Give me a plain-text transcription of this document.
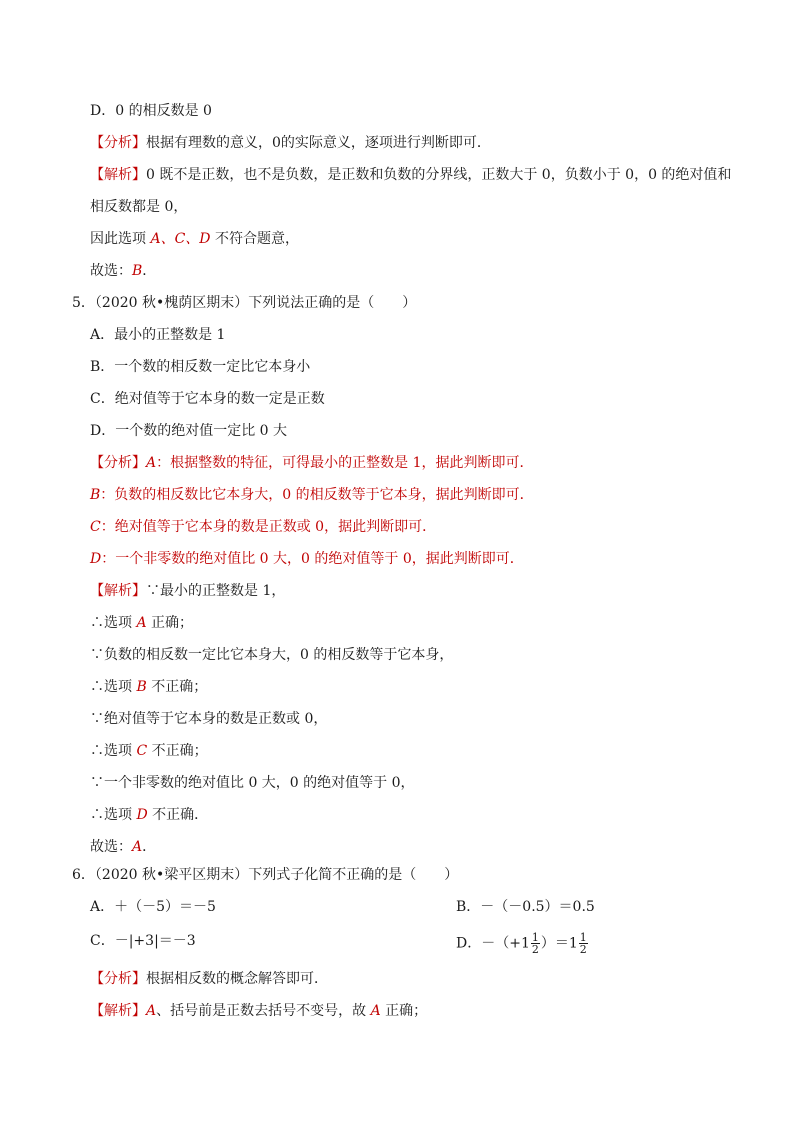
D．0 的相反数是 0
【分析】根据有理数的意义，0的实际意义，逐项进行判断即可．
【解析】0 既不是正数，也不是负数，是正数和负数的分界线，正数大于 0，负数小于 0，0 的绝对值和
相反数都是 0，
因此选项 A、C、D 不符合题意，
故选：B．
5．（2020 秋•槐荫区期末）下列说法正确的是（　　）
A．最小的正整数是 1
B．一个数的相反数一定比它本身小
C．绝对值等于它本身的数一定是正数
D．一个数的绝对值一定比 0 大
【分析】A：根据整数的特征，可得最小的正整数是 1，据此判断即可．
B：负数的相反数比它本身大，0 的相反数等于它本身，据此判断即可．
C：绝对值等于它本身的数是正数或 0，据此判断即可．
D：一个非零数的绝对值比 0 大，0 的绝对值等于 0，据此判断即可．
【解析】∵最小的正整数是 1，
∴选项 A 正确；
∵负数的相反数一定比它本身大，0 的相反数等于它本身，
∴选项 B 不正确；
∵绝对值等于它本身的数是正数或 0，
∴选项 C 不正确；
∵一个非零数的绝对值比 0 大，0 的绝对值等于 0，
∴选项 D 不正确．
故选：A．
6．（2020 秋•梁平区期末）下列式子化简不正确的是（　　）
A．＋（－5）＝－5	B．－（－0.5）＝0.5
C．－|+3|＝－3	D．$-(+1 \frac{1}{2} )=1 \frac{1}{2}$
【分析】根据相反数的概念解答即可．
【解析】A、括号前是正数去括号不变号，故 A 正确；
